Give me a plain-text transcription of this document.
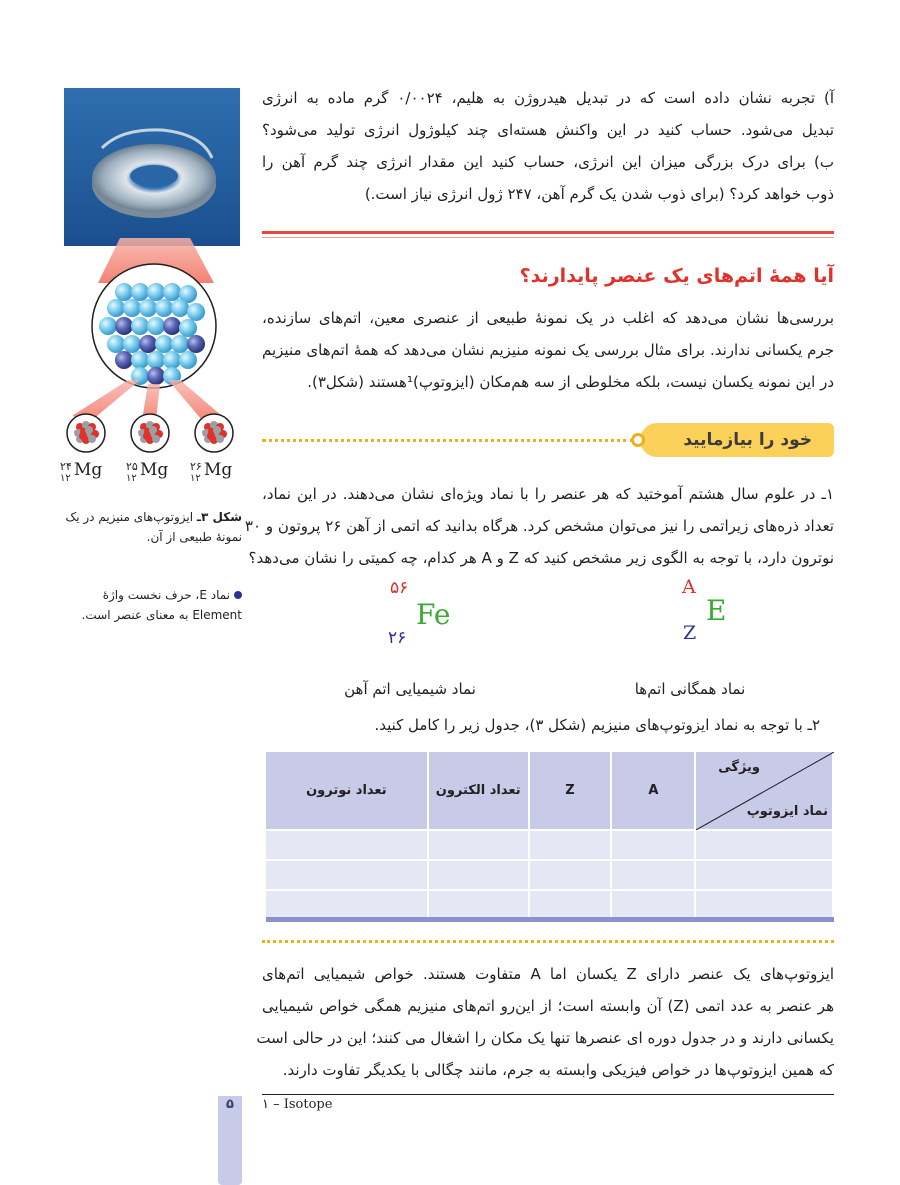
آ) تجربه نشان داده است که در تبدیل هیدروژن به هلیم، ۰/۰۰۲۴ گرم ماده به انرژی
تبدیل می‌شود. حساب کنید در این واکنش هسته‌ای چند کیلوژول انرژی تولید می‌شود؟
ب) برای درک بزرگی میزان این انرژی، حساب کنید این مقدار انرژی چند گرم آهن را
ذوب خواهد کرد؟ (برای ذوب شدن یک گرم آهن، ۲۴۷ ژول انرژی نیاز است.)
آیا همهٔ اتم‌های یک عنصر پایدارند؟
بررسی‌ها نشان می‌دهد که اغلب در یک نمونهٔ طبیعی از عنصری معین، اتم‌های سازنده،
جرم یکسانی ندارند. برای مثال بررسی یک نمونه منیزیم نشان می‌دهد که همهٔ اتم‌های منیزیم
در این نمونه یکسان نیست، بلکه مخلوطی از سه هم‌مکان (ایزوتوپ)¹هستند (شکل۳).
خود را بیازمایید
۱ـ در علوم سال هشتم آموختید که هر عنصر را با نماد ویژه‌ای نشان می‌دهند. در این نماد،
تعداد ذره‌های زیراتمی را نیز می‌توان مشخص کرد. هرگاه بدانید که اتمی از آهن ۲۶ پروتون و ۳۰
نوترون دارد، با توجه به الگوی زیر مشخص کنید که Z و A هر کدام، چه کمیتی را نشان می‌دهد؟
۵۶
Fe
۲۶
A
E
Z
نماد شیمیایی اتم آهن	نماد همگانی اتم‌ها
۲ـ با توجه به نماد ایزوتوپ‌های منیزیم (شکل ۳)، جدول زیر را کامل کنید.
تعداد نوترون	تعداد الکترون	Z	A	ویژگی
نماد ایزوتوپ

ایزوتوپ‌های یک عنصر دارای Z یکسان اما A متفاوت هستند. خواص شیمیایی اتم‌های
هر عنصر به عدد اتمی (Z) آن وابسته است؛ از این‌رو اتم‌های منیزیم همگی خواص شیمیایی
یکسانی دارند و در جدول دوره ای عنصرها تنها یک مکان را اشغال می کنند؛ این در حالی است
که همین ایزوتوپ‌ها در خواص فیزیکی وابسته به جرم، مانند چگالی با یکدیگر تفاوت دارند.
١ – Isotope
۵
۲۴
۱۲ Mg ۲۵
۱۲ Mg ۲۶
۱۲ Mg
شکل ۳ـ ایزوتوپ‌های منیزیم در یک نمونهٔ طبیعی از آن.
نماد E، حرف نخست واژهٔ Element به معنای عنصر است.
